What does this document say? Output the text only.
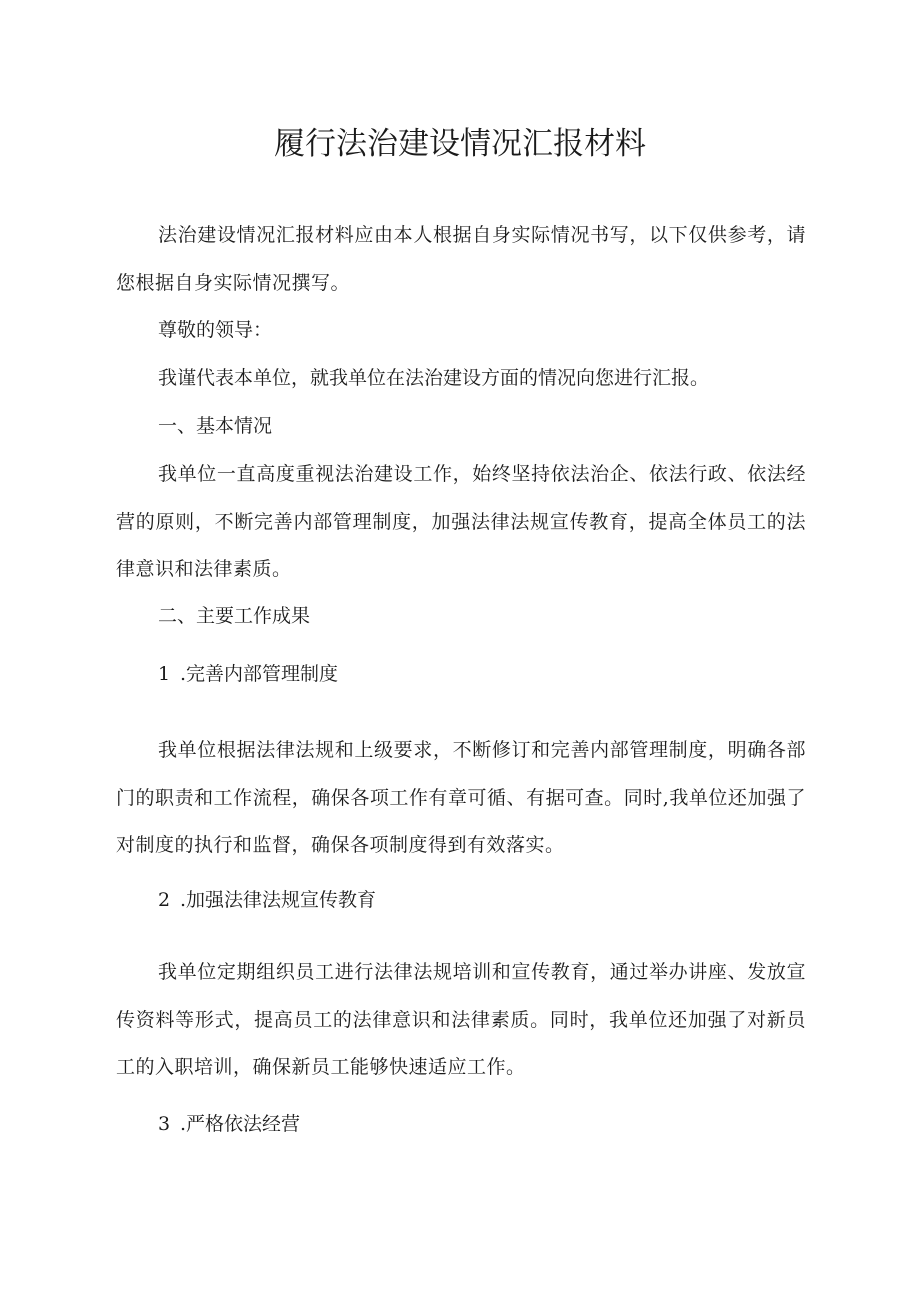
履行法治建设情况汇报材料

法治建设情况汇报材料应由本人根据自身实际情况书写，以下仅供参考，请您根据自身实际情况撰写。

尊敬的领导：

我谨代表本单位，就我单位在法治建设方面的情况向您进行汇报。

一、基本情况

我单位一直高度重视法治建设工作，始终坚持依法治企、依法行政、依法经营的原则，不断完善内部管理制度，加强法律法规宣传教育，提高全体员工的法律意识和法律素质。

二、主要工作成果

1 .完善内部管理制度

我单位根据法律法规和上级要求，不断修订和完善内部管理制度，明确各部门的职责和工作流程，确保各项工作有章可循、有据可查。同时,我单位还加强了对制度的执行和监督，确保各项制度得到有效落实。

2 .加强法律法规宣传教育

我单位定期组织员工进行法律法规培训和宣传教育，通过举办讲座、发放宣传资料等形式，提高员工的法律意识和法律素质。同时，我单位还加强了对新员工的入职培训，确保新员工能够快速适应工作。

3 .严格依法经营
